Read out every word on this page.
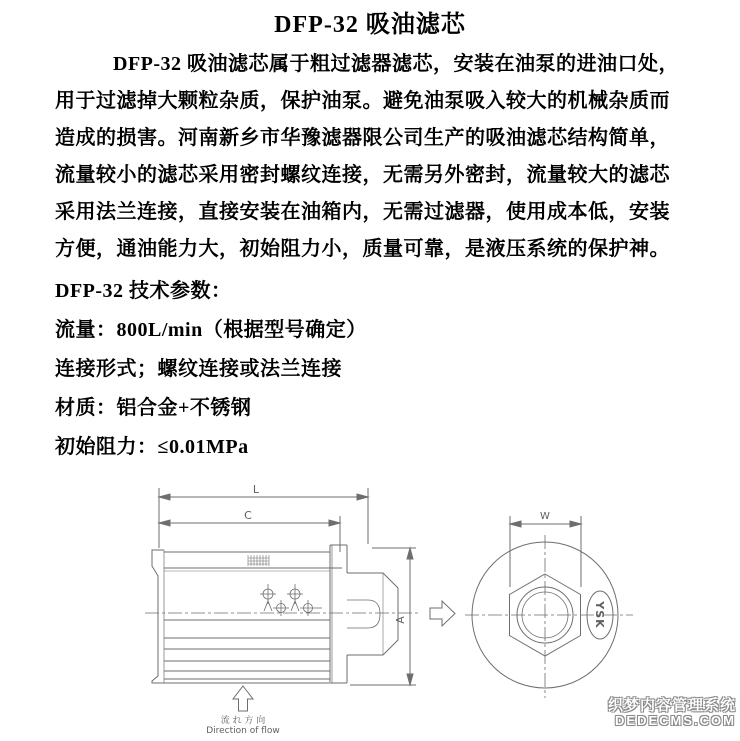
DFP-32 吸油滤芯
DFP-32 吸油滤芯属于粗过滤器滤芯，安装在油泵的进油口处，
用于过滤掉大颗粒杂质，保护油泵。避免油泵吸入较大的机械杂质而
造成的损害。河南新乡市华豫滤器限公司生产的吸油滤芯结构简单，
流量较小的滤芯采用密封螺纹连接，无需另外密封，流量较大的滤芯
采用法兰连接，直接安装在油箱内，无需过滤器，使用成本低，安装
方便，通油能力大，初始阻力小，质量可靠，是液压系统的保护神。
DFP-32 技术参数：
流量：800L/min（根据型号确定）
连接形式；螺纹连接或法兰连接
材质：铝合金+不锈钢
初始阻力：≤0.01MPa
L
C
A	YSK
W
流 れ 方 向
Direction of flow
织梦内容管理系统
DEDECMS.COM
